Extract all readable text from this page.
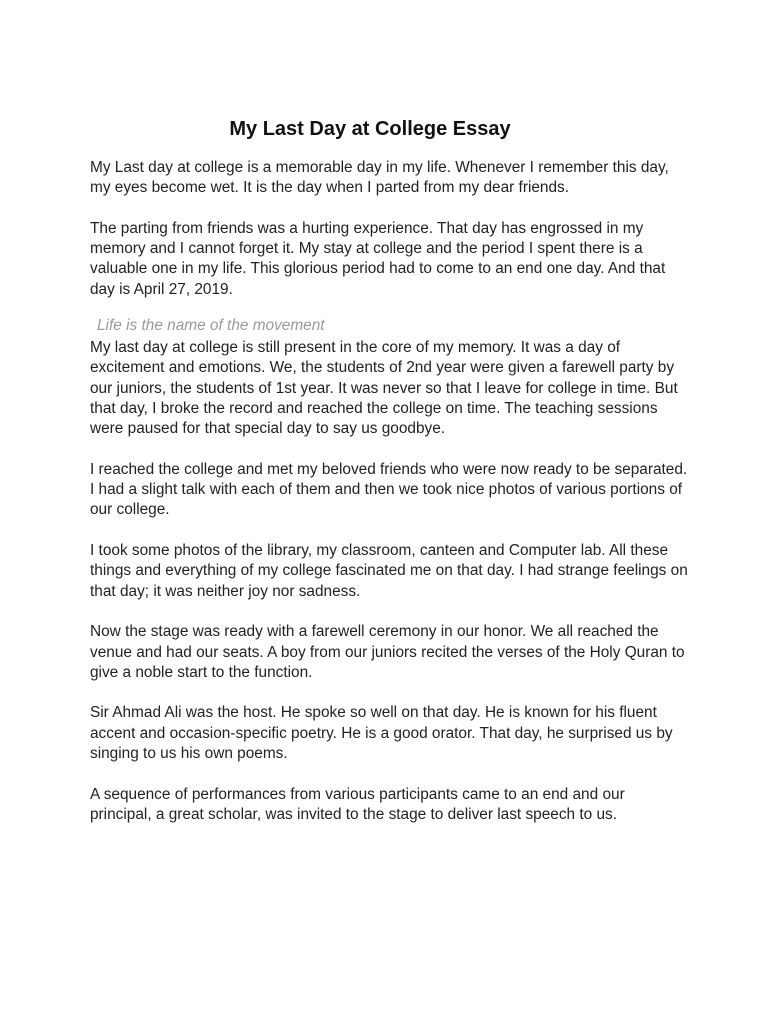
My Last Day at College Essay

My Last day at college is a memorable day in my life. Whenever I remember this day, my eyes become wet. It is the day when I parted from my dear friends.

The parting from friends was a hurting experience. That day has engrossed in my memory and I cannot forget it. My stay at college and the period I spent there is a valuable one in my life. This glorious period had to come to an end one day. And that day is April 27, 2019.

Life is the name of the movement

My last day at college is still present in the core of my memory. It was a day of excitement and emotions. We, the students of 2nd year were given a farewell party by our juniors, the students of 1st year. It was never so that I leave for college in time. But that day, I broke the record and reached the college on time. The teaching sessions were paused for that special day to say us goodbye.

I reached the college and met my beloved friends who were now ready to be separated. I had a slight talk with each of them and then we took nice photos of various portions of our college.

I took some photos of the library, my classroom, canteen and Computer lab. All these things and everything of my college fascinated me on that day. I had strange feelings on that day; it was neither joy nor sadness.

Now the stage was ready with a farewell ceremony in our honor. We all reached the venue and had our seats. A boy from our juniors recited the verses of the Holy Quran to give a noble start to the function.

Sir Ahmad Ali was the host. He spoke so well on that day. He is known for his fluent accent and occasion-specific poetry. He is a good orator. That day, he surprised us by singing to us his own poems.

A sequence of performances from various participants came to an end and our principal, a great scholar, was invited to the stage to deliver last speech to us.
